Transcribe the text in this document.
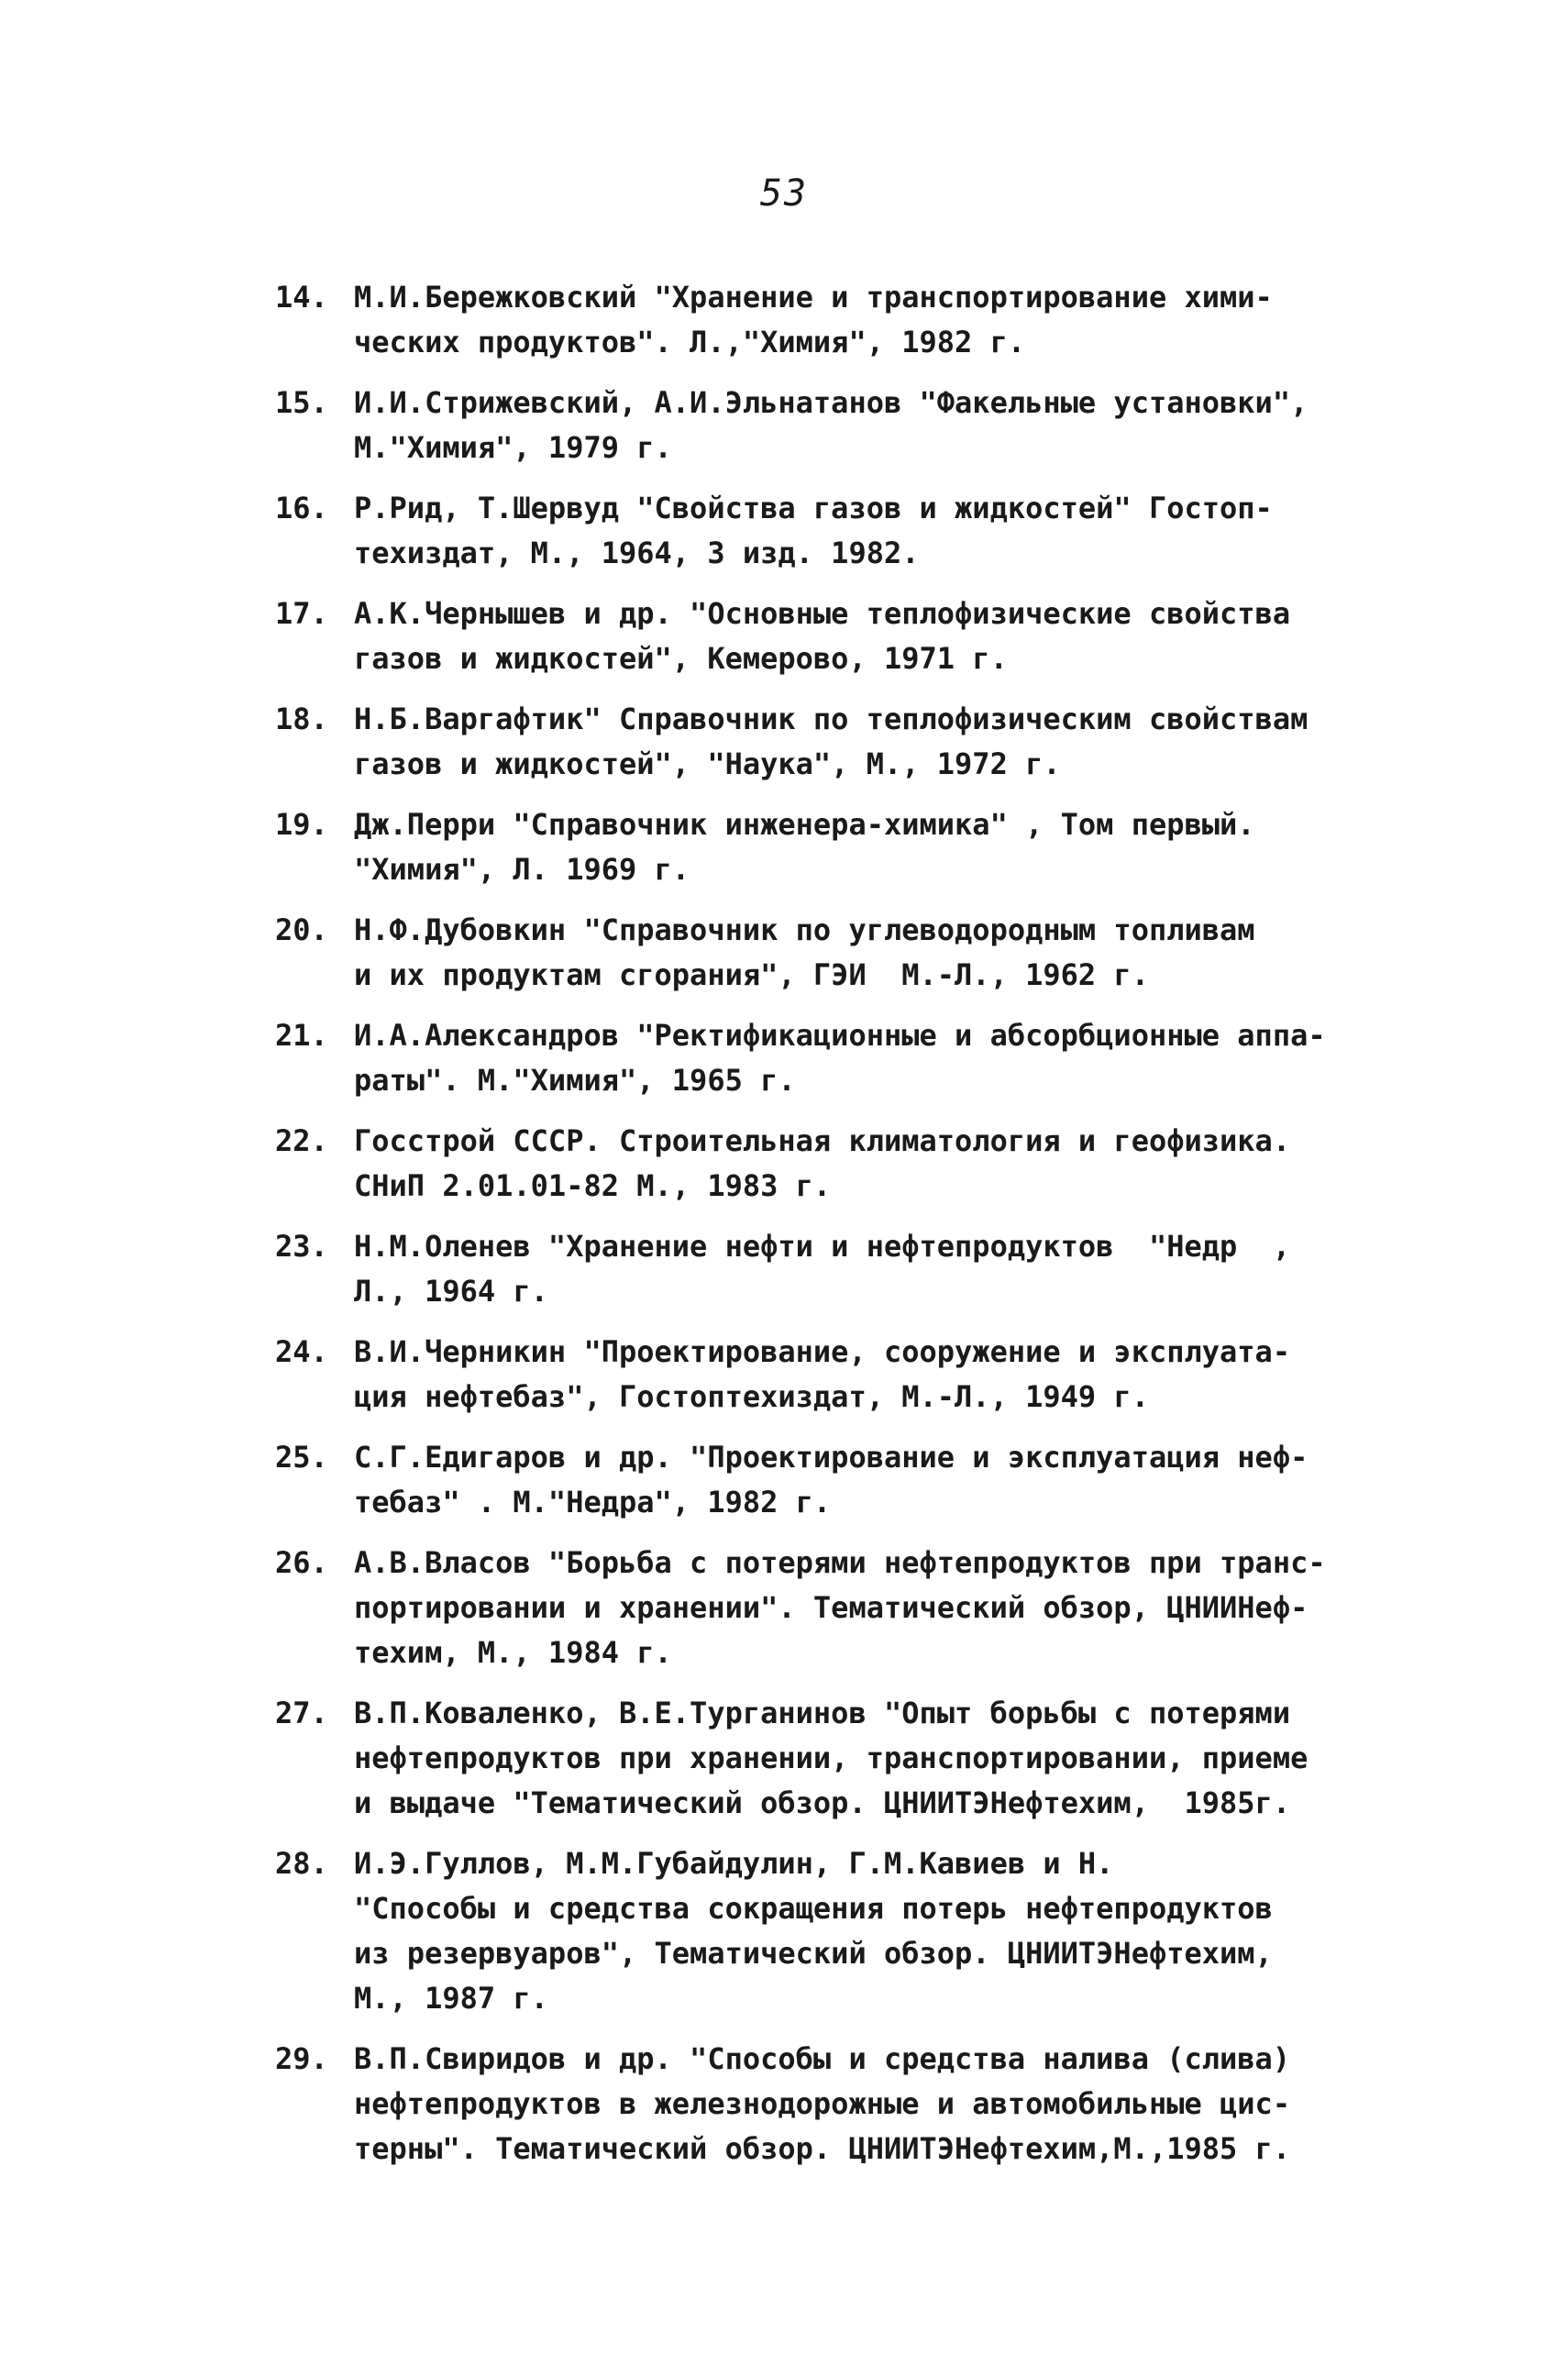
53
14. М.И.Бережковский "Хранение и транспортирование хими-
ческих продуктов". Л.,"Химия", 1982 г.
15. И.И.Стрижевский, А.И.Эльнатанов "Факельные установки",
М."Химия", 1979 г.
16. Р.Рид, Т.Шервуд "Свойства газов и жидкостей" Гостоп-
техиздат, М., 1964, 3 изд. 1982.
17. А.К.Чернышев и др. "Основные теплофизические свойства
газов и жидкостей", Кемерово, 1971 г.
18. Н.Б.Варгафтик" Справочник по теплофизическим свойствам
газов и жидкостей", "Наука", М., 1972 г.
19. Дж.Перри "Справочник инженера-химика" , Том первый.
"Химия", Л. 1969 г.
20. Н.Ф.Дубовкин "Справочник по углеводородным топливам
и их продуктам сгорания", ГЭИ  М.-Л., 1962 г.
21. И.А.Александров "Ректификационные и абсорбционные аппа-
раты". М."Химия", 1965 г.
22. Госстрой СССР. Строительная климатология и геофизика.
СНиП 2.01.01-82 М., 1983 г.
23. Н.М.Оленев "Хранение нефти и нефтепродуктов  "Недр  ,
Л., 1964 г.
24. В.И.Черникин "Проектирование, сооружение и эксплуата-
ция нефтебаз", Гостоптехиздат, М.-Л., 1949 г.
25. С.Г.Едигаров и др. "Проектирование и эксплуатация неф-
тебаз" . М."Недра", 1982 г.
26. А.В.Власов "Борьба с потерями нефтепродуктов при транс-
портировании и хранении". Тематический обзор, ЦНИИНеф-
техим, М., 1984 г.
27. В.П.Коваленко, В.Е.Турганинов "Опыт борьбы с потерями
нефтепродуктов при хранении, транспортировании, приеме
и выдаче "Тематический обзор. ЦНИИТЭНефтехим,  1985г.
28. И.Э.Гуллов, М.М.Губайдулин, Г.М.Кавиев и Н.
"Способы и средства сокращения потерь нефтепродуктов
из резервуаров", Тематический обзор. ЦНИИТЭНефтехим,
М., 1987 г.
29. В.П.Свиридов и др. "Способы и средства налива (слива)
нефтепродуктов в железнодорожные и автомобильные цис-
терны". Тематический обзор. ЦНИИТЭНефтехим,М.,1985 г.
